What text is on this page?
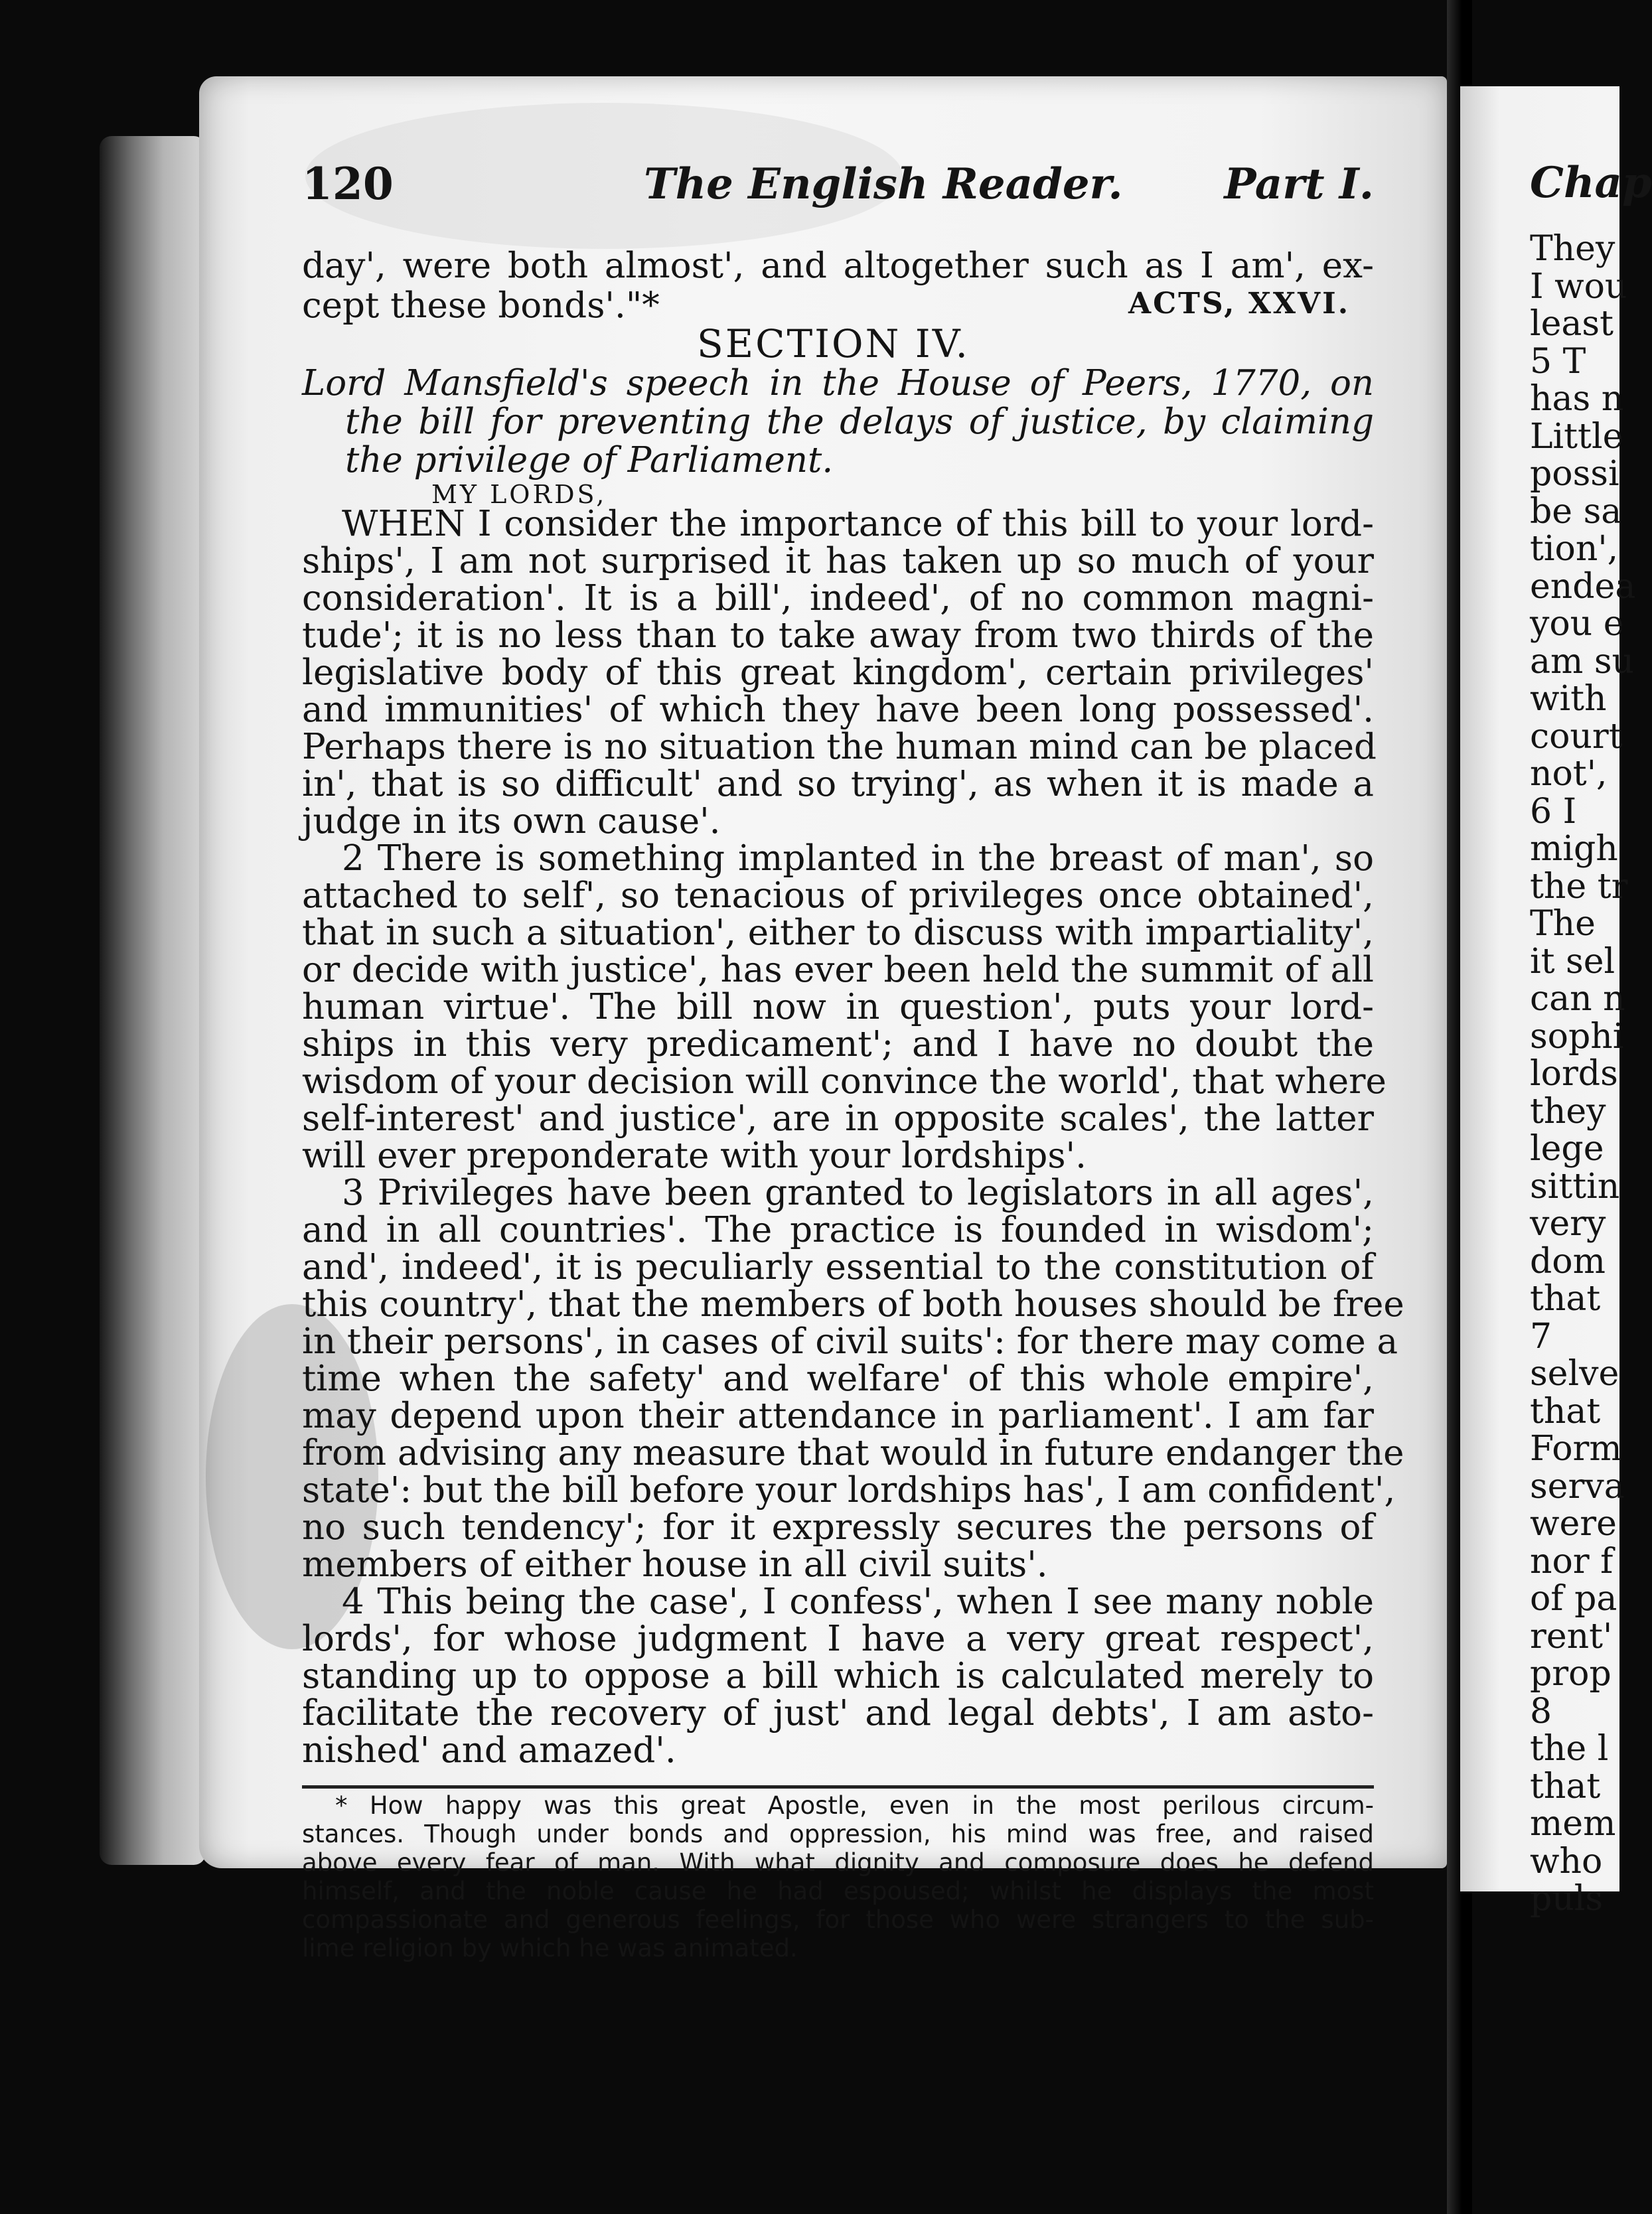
120	The English Reader. Part I.
day', were both almost', and altogether such as I am', ex-
cept these bonds'."*	ACTS, XXVI.
SECTION IV.
Lord Mansfield's speech in the House of Peers, 1770, on
the bill for preventing the delays of justice, by claiming
the privilege of Parliament.
MY LORDS,
WHEN I consider the importance of this bill to your lord-
ships', I am not surprised it has taken up so much of your
consideration'. It is a bill', indeed', of no common magni-
tude'; it is no less than to take away from two thirds of the
legislative body of this great kingdom', certain privileges'
and immunities' of which they have been long possessed'.
Perhaps there is no situation the human mind can be placed
in', that is so difficult' and so trying', as when it is made a
judge in its own cause'.
2 There is something implanted in the breast of man', so
attached to self', so tenacious of privileges once obtained',
that in such a situation', either to discuss with impartiality',
or decide with justice', has ever been held the summit of all
human virtue'. The bill now in question', puts your lord-
ships in this very predicament'; and I have no doubt the
wisdom of your decision will convince the world', that where
self-interest' and justice', are in opposite scales', the latter
will ever preponderate with your lordships'.
3 Privileges have been granted to legislators in all ages',
and in all countries'. The practice is founded in wisdom';
and', indeed', it is peculiarly essential to the constitution of
this country', that the members of both houses should be free
in their persons', in cases of civil suits': for there may come a
time when the safety' and welfare' of this whole empire',
may depend upon their attendance in parliament'. I am far
from advising any measure that would in future endanger the
state': but the bill before your lordships has', I am confident',
no such tendency'; for it expressly secures the persons of
members of either house in all civil suits'.
4 This being the case', I confess', when I see many noble
lords', for whose judgment I have a very great respect',
standing up to oppose a bill which is calculated merely to
facilitate the recovery of just' and legal debts', I am asto-
nished' and amazed'.
* How happy was this great Apostle, even in the most perilous circum-
stances. Though under bonds and oppression, his mind was free, and raised
above every fear of man. With what dignity and composure does he defend
himself, and the noble cause he had espoused; whilst he displays the most
compassionate and generous feelings, for those who were strangers to the sub-
lime religion by which he was animated.
Chap
They
I wou
least
5 T
has n
Little
possi
be sa
tion',
endea
you e
am su
with
court
not',
6 I
migh
the tr
The
it sel
can n
sophi
lords
they
lege
sittin
very
dom
that
7
selve
that
Form
serva
were
nor f
of pa
rent'
prop
8
the l
that
mem
who
puls
